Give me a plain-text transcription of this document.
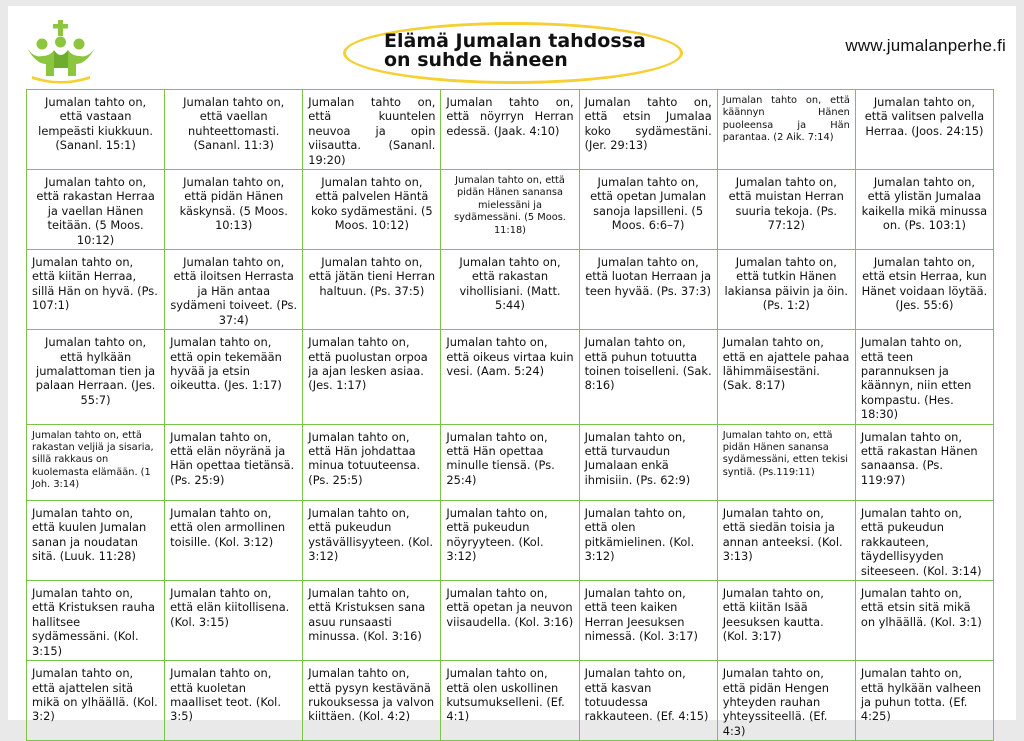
Elämä Jumalan tahdossa
on suhde häneen
www.jumalanperhe.fi
Jumalan tahto on, että vastaan lempeästi kiukkuun. (Sananl. 15:1)	Jumalan tahto on, että vaellan nuhteettomasti. (Sananl. 11:3)	Jumalan tahto on, että kuuntelen neuvoa ja opin viisautta. (Sananl. 19:20)	Jumalan tahto on, että nöyrryn Herran edessä. (Jaak. 4:10)	Jumalan tahto on, että etsin Jumalaa koko sydämestäni. (Jer. 29:13)	Jumalan tahto on, että käännyn Hänen puoleensa ja Hän parantaa. (2 Aik. 7:14)	Jumalan tahto on, että valitsen palvella Herraa. (Joos. 24:15)
Jumalan tahto on, että rakastan Herraa ja vaellan Hänen teitään. (5 Moos. 10:12)	Jumalan tahto on, että pidän Hänen käskynsä. (5 Moos. 10:13)	Jumalan tahto on, että palvelen Häntä koko sydämestäni. (5 Moos. 10:12)	Jumalan tahto on, että pidän Hänen sanansa mielessäni ja sydämessäni. (5 Moos. 11:18)	Jumalan tahto on, että opetan Jumalan sanoja lapsilleni. (5 Moos. 6:6–7)	Jumalan tahto on, että muistan Herran suuria tekoja. (Ps. 77:12)	Jumalan tahto on, että ylistän Jumalaa kaikella mikä minussa on. (Ps. 103:1)
Jumalan tahto on, että kiitän Herraa, sillä Hän on hyvä. (Ps. 107:1)	Jumalan tahto on, että iloitsen Herrasta ja Hän antaa sydämeni toiveet. (Ps. 37:4)	Jumalan tahto on, että jätän tieni Herran haltuun. (Ps. 37:5)	Jumalan tahto on, että rakastan vihollisiani. (Matt. 5:44)	Jumalan tahto on, että luotan Herraan ja teen hyvää. (Ps. 37:3)	Jumalan tahto on, että tutkin Hänen lakiansa päivin ja öin. (Ps. 1:2)	Jumalan tahto on, että etsin Herraa, kun Hänet voidaan löytää. (Jes. 55:6)
Jumalan tahto on, että hylkään jumalattoman tien ja palaan Herraan. (Jes. 55:7)	Jumalan tahto on, että opin tekemään hyvää ja etsin oikeutta. (Jes. 1:17)	Jumalan tahto on, että puolustan orpoa ja ajan lesken asiaa. (Jes. 1:17)	Jumalan tahto on, että oikeus virtaa kuin vesi. (Aam. 5:24)	Jumalan tahto on, että puhun totuutta toinen toiselleni. (Sak. 8:16)	Jumalan tahto on, että en ajattele pahaa lähimmäisestäni. (Sak. 8:17)	Jumalan tahto on, että teen parannuksen ja käännyn, niin etten kompastu. (Hes. 18:30)
Jumalan tahto on, että rakastan veljiä ja sisaria, sillä rakkaus on kuolemasta elämään. (1 Joh. 3:14)	Jumalan tahto on, että elän nöyränä ja Hän opettaa tietänsä. (Ps. 25:9)	Jumalan tahto on, että Hän johdattaa minua totuuteensa. (Ps. 25:5)	Jumalan tahto on, että Hän opettaa minulle tiensä. (Ps. 25:4)	Jumalan tahto on, että turvaudun Jumalaan enkä ihmisiin. (Ps. 62:9)	Jumalan tahto on, että pidän Hänen sanansa sydämessäni, etten tekisi syntiä. (Ps.119:11)	Jumalan tahto on, että rakastan Hänen sanaansa. (Ps. 119:97)
Jumalan tahto on, että kuulen Jumalan sanan ja noudatan sitä. (Luuk. 11:28)	Jumalan tahto on, että olen armollinen toisille. (Kol. 3:12)	Jumalan tahto on, että pukeudun ystävällisyyteen. (Kol. 3:12)	Jumalan tahto on, että pukeudun nöyryyteen. (Kol. 3:12)	Jumalan tahto on, että olen pitkämielinen. (Kol. 3:12)	Jumalan tahto on, että siedän toisia ja annan anteeksi. (Kol. 3:13)	Jumalan tahto on, että pukeudun rakkauteen, täydellisyyden siteeseen. (Kol. 3:14)
Jumalan tahto on, että Kristuksen rauha hallitsee sydämessäni. (Kol. 3:15)	Jumalan tahto on, että elän kiitollisena. (Kol. 3:15)	Jumalan tahto on, että Kristuksen sana asuu runsaasti minussa. (Kol. 3:16)	Jumalan tahto on, että opetan ja neuvon viisaudella. (Kol. 3:16)	Jumalan tahto on, että teen kaiken Herran Jeesuksen nimessä. (Kol. 3:17)	Jumalan tahto on, että kiitän Isää Jeesuksen kautta. (Kol. 3:17)	Jumalan tahto on, että etsin sitä mikä on ylhäällä. (Kol. 3:1)
Jumalan tahto on, että ajattelen sitä mikä on ylhäällä. (Kol. 3:2)	Jumalan tahto on, että kuoletan maalliset teot. (Kol. 3:5)	Jumalan tahto on, että pysyn kestävänä rukouksessa ja valvon kiittäen. (Kol. 4:2)	Jumalan tahto on, että olen uskollinen kutsumukselleni. (Ef. 4:1)	Jumalan tahto on, että kasvan totuudessa rakkauteen. (Ef. 4:15)	Jumalan tahto on, että pidän Hengen yhteyden rauhan yhteyssiteellä. (Ef. 4:3)	Jumalan tahto on, että hylkään valheen ja puhun totta. (Ef. 4:25)
